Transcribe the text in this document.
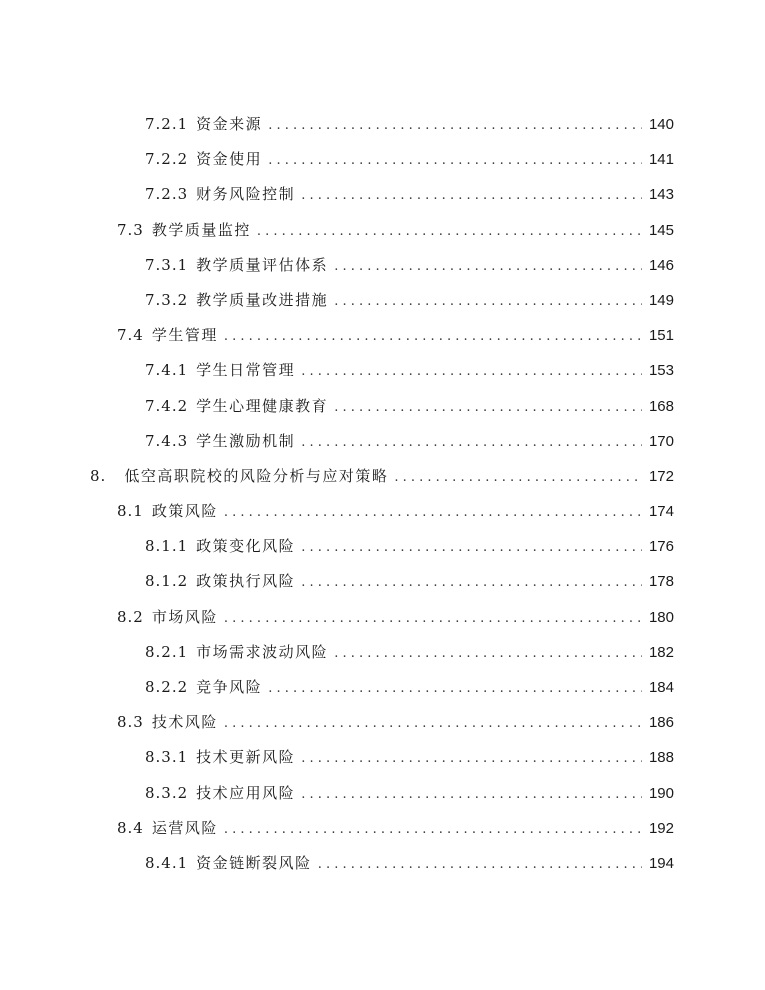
7.2.1 资金来源 . . .	140
7.2.2 资金使用 . . .	141
7.2.3 财务风险控制 . . .	143
7.3 教学质量监控 . . .	145
7.3.1 教学质量评估体系 . . .	146
7.3.2 教学质量改进措施 . . .	149
7.4 学生管理 . . .	151
7.4.1 学生日常管理 . . .	153
7.4.2 学生心理健康教育 . . .	168
7.4.3 学生激励机制 . . .	170
8. 低空高职院校的风险分析与应对策略 . . .	172
8.1 政策风险 . . .	174
8.1.1 政策变化风险 . . .	176
8.1.2 政策执行风险 . . .	178
8.2 市场风险 . . .	180
8.2.1 市场需求波动风险 . . .	182
8.2.2 竞争风险 . . .	184
8.3 技术风险 . . .	186
8.3.1 技术更新风险 . . .	188
8.3.2 技术应用风险 . . .	190
8.4 运营风险 . . .	192
8.4.1 资金链断裂风险 . . .	194
